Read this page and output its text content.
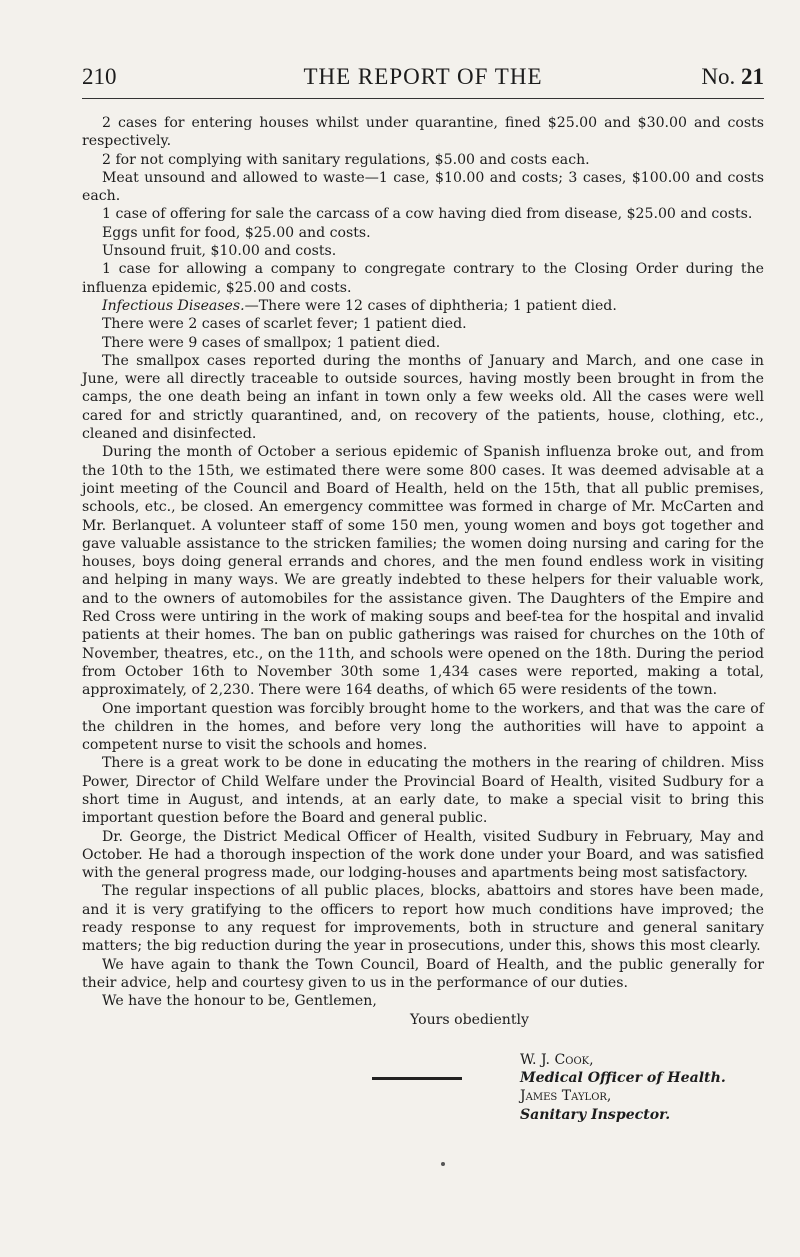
210	THE REPORT OF THE	No. 21

2 cases for entering houses whilst under quarantine, fined $25.00 and $30.00 and costs respectively.

2 for not complying with sanitary regulations, $5.00 and costs each.

Meat unsound and allowed to waste—1 case, $10.00 and costs; 3 cases, $100.00 and costs each.

1 case of offering for sale the carcass of a cow having died from disease, $25.00 and costs.

Eggs unfit for food, $25.00 and costs.

Unsound fruit, $10.00 and costs.

1 case for allowing a company to congregate contrary to the Closing Order during the influenza epidemic, $25.00 and costs.

Infectious Diseases.—There were 12 cases of diphtheria; 1 patient died.

There were 2 cases of scarlet fever; 1 patient died.

There were 9 cases of smallpox; 1 patient died.

The smallpox cases reported during the months of January and March, and one case in June, were all directly traceable to outside sources, having mostly been brought in from the camps, the one death being an infant in town only a few weeks old. All the cases were well cared for and strictly quarantined, and, on recovery of the patients, house, clothing, etc., cleaned and disinfected.

During the month of October a serious epidemic of Spanish influenza broke out, and from the 10th to the 15th, we estimated there were some 800 cases. It was deemed advisable at a joint meeting of the Council and Board of Health, held on the 15th, that all public premises, schools, etc., be closed. An emergency committee was formed in charge of Mr. McCarten and Mr. Berlanquet. A volunteer staff of some 150 men, young women and boys got together and gave valuable assistance to the stricken families; the women doing nursing and caring for the houses, boys doing general errands and chores, and the men found endless work in visiting and helping in many ways. We are greatly indebted to these helpers for their valuable work, and to the owners of automobiles for the assistance given. The Daughters of the Empire and Red Cross were untiring in the work of making soups and beef-tea for the hospital and invalid patients at their homes. The ban on public gatherings was raised for churches on the 10th of November, theatres, etc., on the 11th, and schools were opened on the 18th. During the period from October 16th to November 30th some 1,434 cases were reported, making a total, approximately, of 2,230. There were 164 deaths, of which 65 were residents of the town.

One important question was forcibly brought home to the workers, and that was the care of the children in the homes, and before very long the authorities will have to appoint a competent nurse to visit the schools and homes.

There is a great work to be done in educating the mothers in the rearing of children. Miss Power, Director of Child Welfare under the Provincial Board of Health, visited Sudbury for a short time in August, and intends, at an early date, to make a special visit to bring this important question before the Board and general public.

Dr. George, the District Medical Officer of Health, visited Sudbury in February, May and October. He had a thorough inspection of the work done under your Board, and was satisfied with the general progress made, our lodging-houses and apartments being most satisfactory.

The regular inspections of all public places, blocks, abattoirs and stores have been made, and it is very gratifying to the officers to report how much conditions have improved; the ready response to any request for improvements, both in structure and general sanitary matters; the big reduction during the year in prosecutions, under this, shows this most clearly.

We have again to thank the Town Council, Board of Health, and the public generally for their advice, help and courtesy given to us in the performance of our duties.

We have the honour to be, Gentlemen,

Yours obediently

W. J. Cook,
Medical Officer of Health.
James Taylor,
Sanitary Inspector.
